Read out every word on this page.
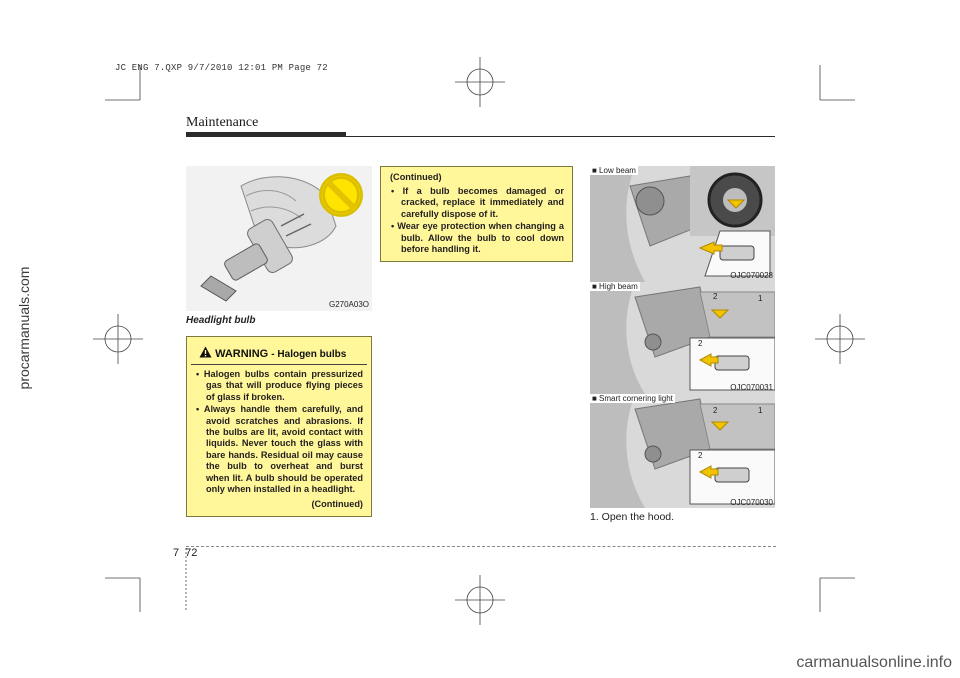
JC ENG 7.QXP 9/7/2010 12:01 PM Page 72
Maintenance
G270A03O
Headlight bulb
WARNING - Halogen bulbs
• Halogen bulbs contain pressurized gas that will produce flying pieces of glass if broken.
• Always handle them carefully, and avoid scratches and abrasions. If the bulbs are lit, avoid contact with liquids. Never touch the glass with bare hands. Residual oil may cause the bulb to overheat and burst when lit. A bulb should be operated only when installed in a headlight.
(Continued)
(Continued)
• If a bulb becomes damaged or cracked, replace it immediately and carefully dispose of it.
• Wear eye protection when changing a bulb. Allow the bulb to cool down before handling it.
■ Low beam
OJC070028
■ High beam
2	1
2
OJC070031
■ Smart cornering light
2	1
2
OJC070030
1. Open the hood.
772
procarmanuals.com
carmanualsonline.info
